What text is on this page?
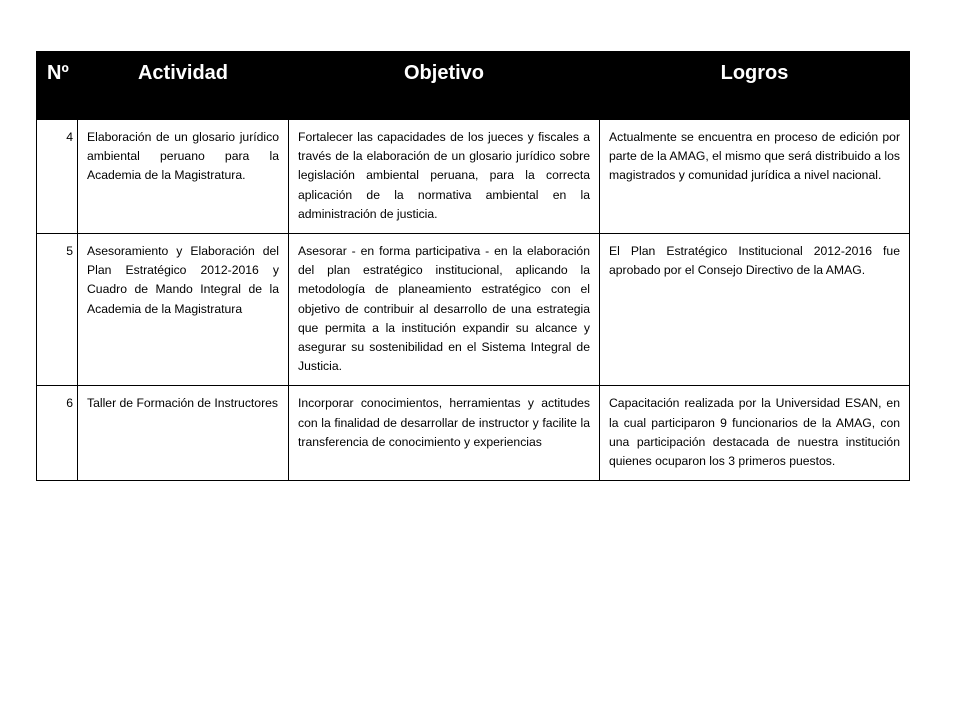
Nº	Actividad	Objetivo	Logros
4	Elaboración de un glosario jurídico ambiental peruano para la Academia de la Magistratura.	Fortalecer las capacidades de los jueces y fiscales a través de la elaboración de un glosario jurídico sobre legislación ambiental peruana, para la correcta aplicación de la normativa ambiental en la administración de justicia.	Actualmente se encuentra en proceso de edición por parte de la AMAG, el mismo que será distribuido a los magistrados y comunidad jurídica a nivel nacional.
5	Asesoramiento y Elaboración del Plan Estratégico 2012-2016 y Cuadro de Mando Integral de la Academia de la Magistratura	Asesorar - en forma participativa - en la elaboración del plan estratégico institucional, aplicando la metodología de planeamiento estratégico con el objetivo de contribuir al desarrollo de una estrategia que permita a la institución expandir su alcance y asegurar su sostenibilidad en el Sistema Integral de Justicia.	El Plan Estratégico Institucional 2012-2016 fue aprobado por el Consejo Directivo de la AMAG.
6	Taller de Formación de Instructores	Incorporar conocimientos, herramientas y actitudes con la finalidad de desarrollar de instructor y facilite la transferencia de conocimiento y experiencias	Capacitación realizada por la Universidad ESAN, en la cual participaron 9 funcionarios de la AMAG, con una participación destacada de nuestra institución quienes ocuparon los 3 primeros puestos.
